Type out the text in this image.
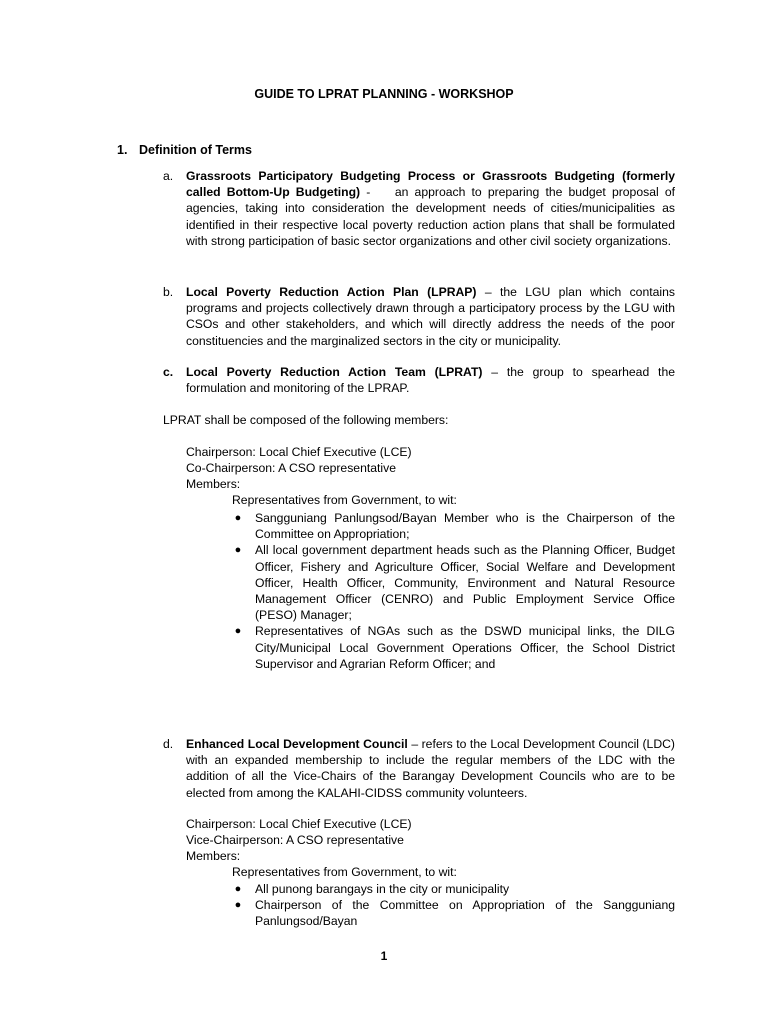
GUIDE TO LPRAT PLANNING - WORKSHOP
1. Definition of Terms
a.	Grassroots Participatory Budgeting Process or Grassroots Budgeting (formerly called Bottom-Up Budgeting) -    an approach to preparing the budget proposal of agencies, taking into consideration the development needs of cities/municipalities as identified in their respective local poverty reduction action plans that shall be formulated with strong participation of basic sector organizations and other civil society organizations.
b.	Local Poverty Reduction Action Plan (LPRAP) – the LGU plan which contains programs and projects collectively drawn through a participatory process by the LGU with CSOs and other stakeholders, and which will directly address the needs of the poor constituencies and the marginalized sectors in the city or municipality.
c.	Local Poverty Reduction Action Team (LPRAT) – the group to spearhead the formulation and monitoring of the LPRAP.
LPRAT shall be composed of the following members:
Chairperson: Local Chief Executive (LCE)
Co-Chairperson: A CSO representative
Members:
Representatives from Government, to wit:
● Sangguniang Panlungsod/Bayan Member who is the Chairperson of the Committee on Appropriation;
● All local government department heads such as the Planning Officer, Budget Officer, Fishery and Agriculture Officer, Social Welfare and Development Officer, Health Officer, Community, Environment and Natural Resource Management Officer (CENRO) and Public Employment Service Office (PESO) Manager;
● Representatives of NGAs such as the DSWD municipal links, the DILG City/Municipal Local Government Operations Officer, the School District Supervisor and Agrarian Reform Officer; and
d.	Enhanced Local Development Council – refers to the Local Development Council (LDC) with an expanded membership to include the regular members of the LDC with the addition of all the Vice-Chairs of the Barangay Development Councils who are to be elected from among the KALAHI-CIDSS community volunteers.
Chairperson: Local Chief Executive (LCE)
Vice-Chairperson: A CSO representative
Members:
Representatives from Government, to wit:
● All punong barangays in the city or municipality
● Chairperson of the Committee on Appropriation of the Sangguniang Panlungsod/Bayan
1
